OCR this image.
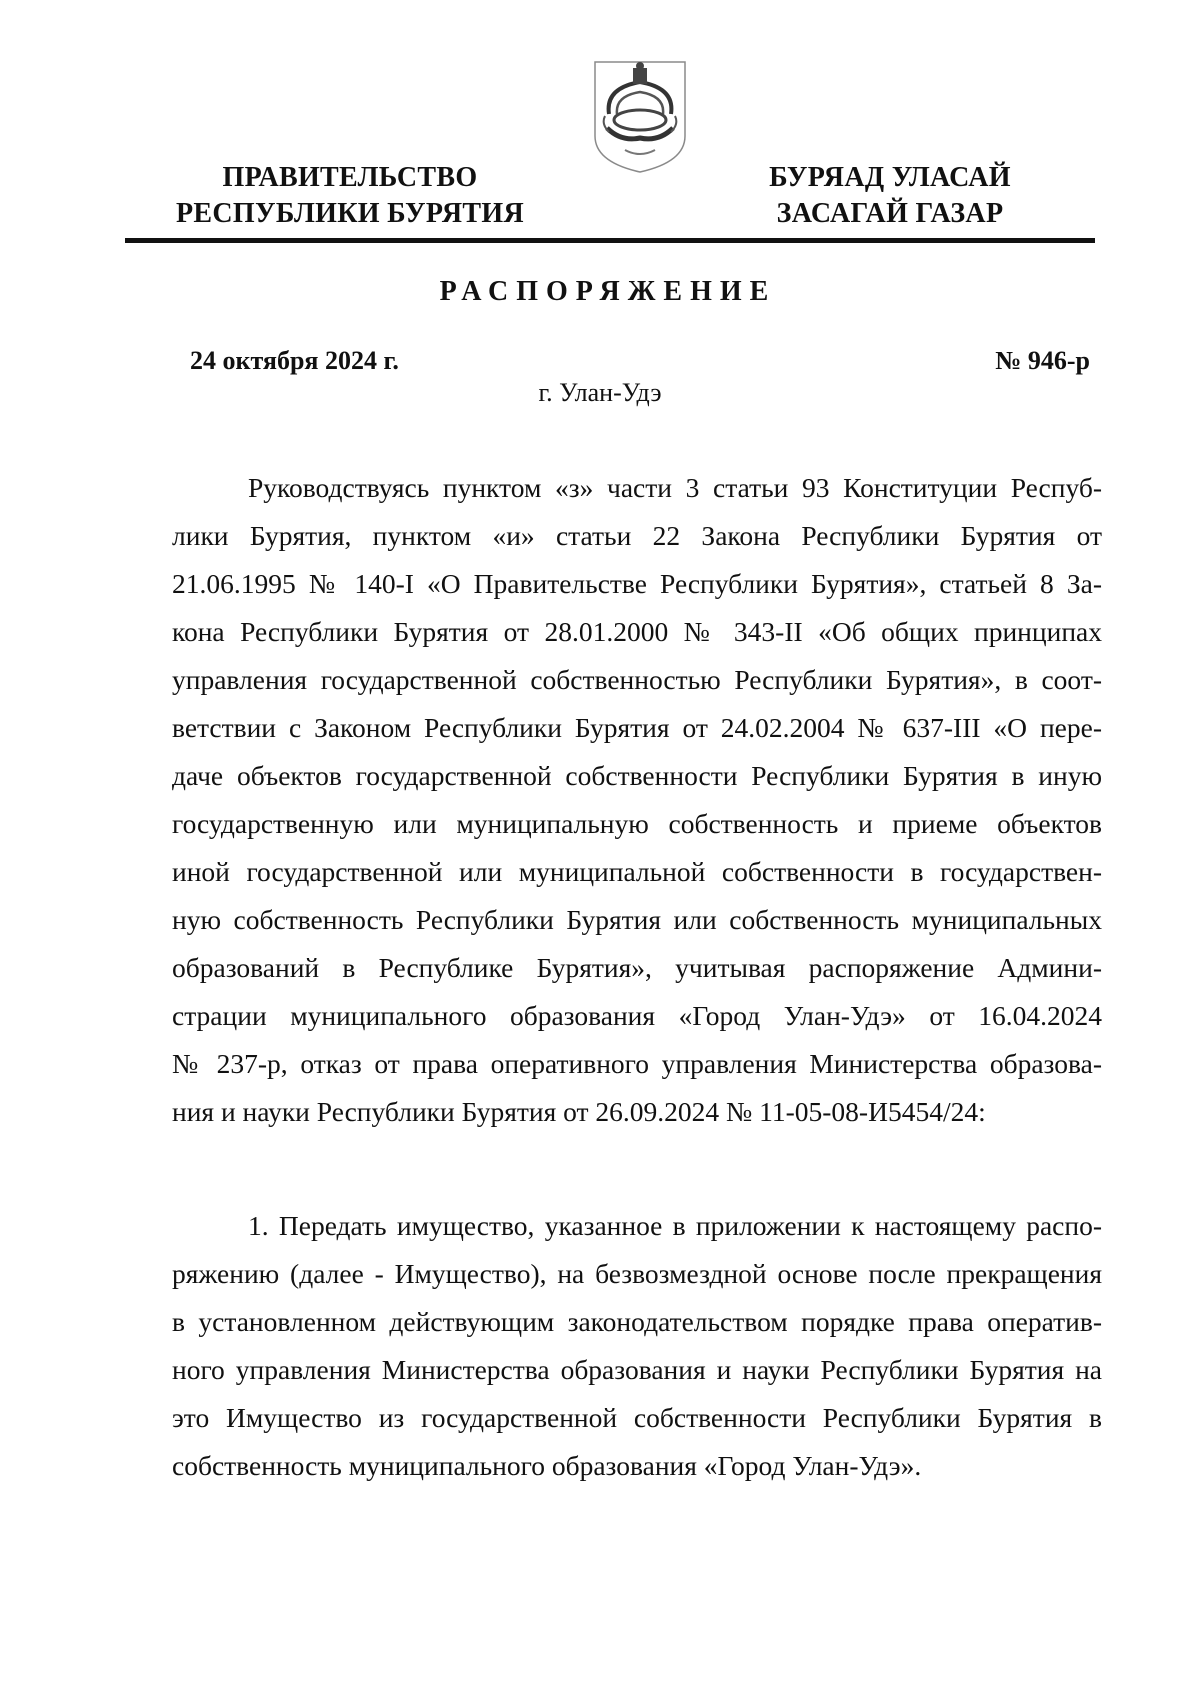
ПРАВИТЕЛЬСТВО
РЕСПУБЛИКИ БУРЯТИЯ
БУРЯАД УЛАСАЙ
ЗАСАГАЙ ГАЗАР
РАСПОРЯЖЕНИЕ
24 октября 2024 г.	№ 946-р
г. Улан-Удэ
Руководствуясь пунктом «з» части 3 статьи 93 Конституции Респуб-
лики Бурятия, пунктом «и» статьи 22 Закона Республики Бурятия от
21.06.1995 № 140-I «О Правительстве Республики Бурятия», статьей 8 За-
кона Республики Бурятия от 28.01.2000 № 343-II «Об общих принципах
управления государственной собственностью Республики Бурятия», в соот-
ветствии с Законом Республики Бурятия от 24.02.2004 № 637-III «О пере-
даче объектов государственной собственности Республики Бурятия в иную
государственную или муниципальную собственность и приеме объектов
иной государственной или муниципальной собственности в государствен-
ную собственность Республики Бурятия или собственность муниципальных
образований в Республике Бурятия», учитывая распоряжение Админи-
страции муниципального образования «Город Улан-Удэ» от 16.04.2024
№ 237-р, отказ от права оперативного управления Министерства образова-
ния и науки Республики Бурятия от 26.09.2024 № 11-05-08-И5454/24:
1. Передать имущество, указанное в приложении к настоящему распо-
ряжению (далее - Имущество), на безвозмездной основе после прекращения
в установленном действующим законодательством порядке права оператив-
ного управления Министерства образования и науки Республики Бурятия на
это Имущество из государственной собственности Республики Бурятия в
собственность муниципального образования «Город Улан-Удэ».
